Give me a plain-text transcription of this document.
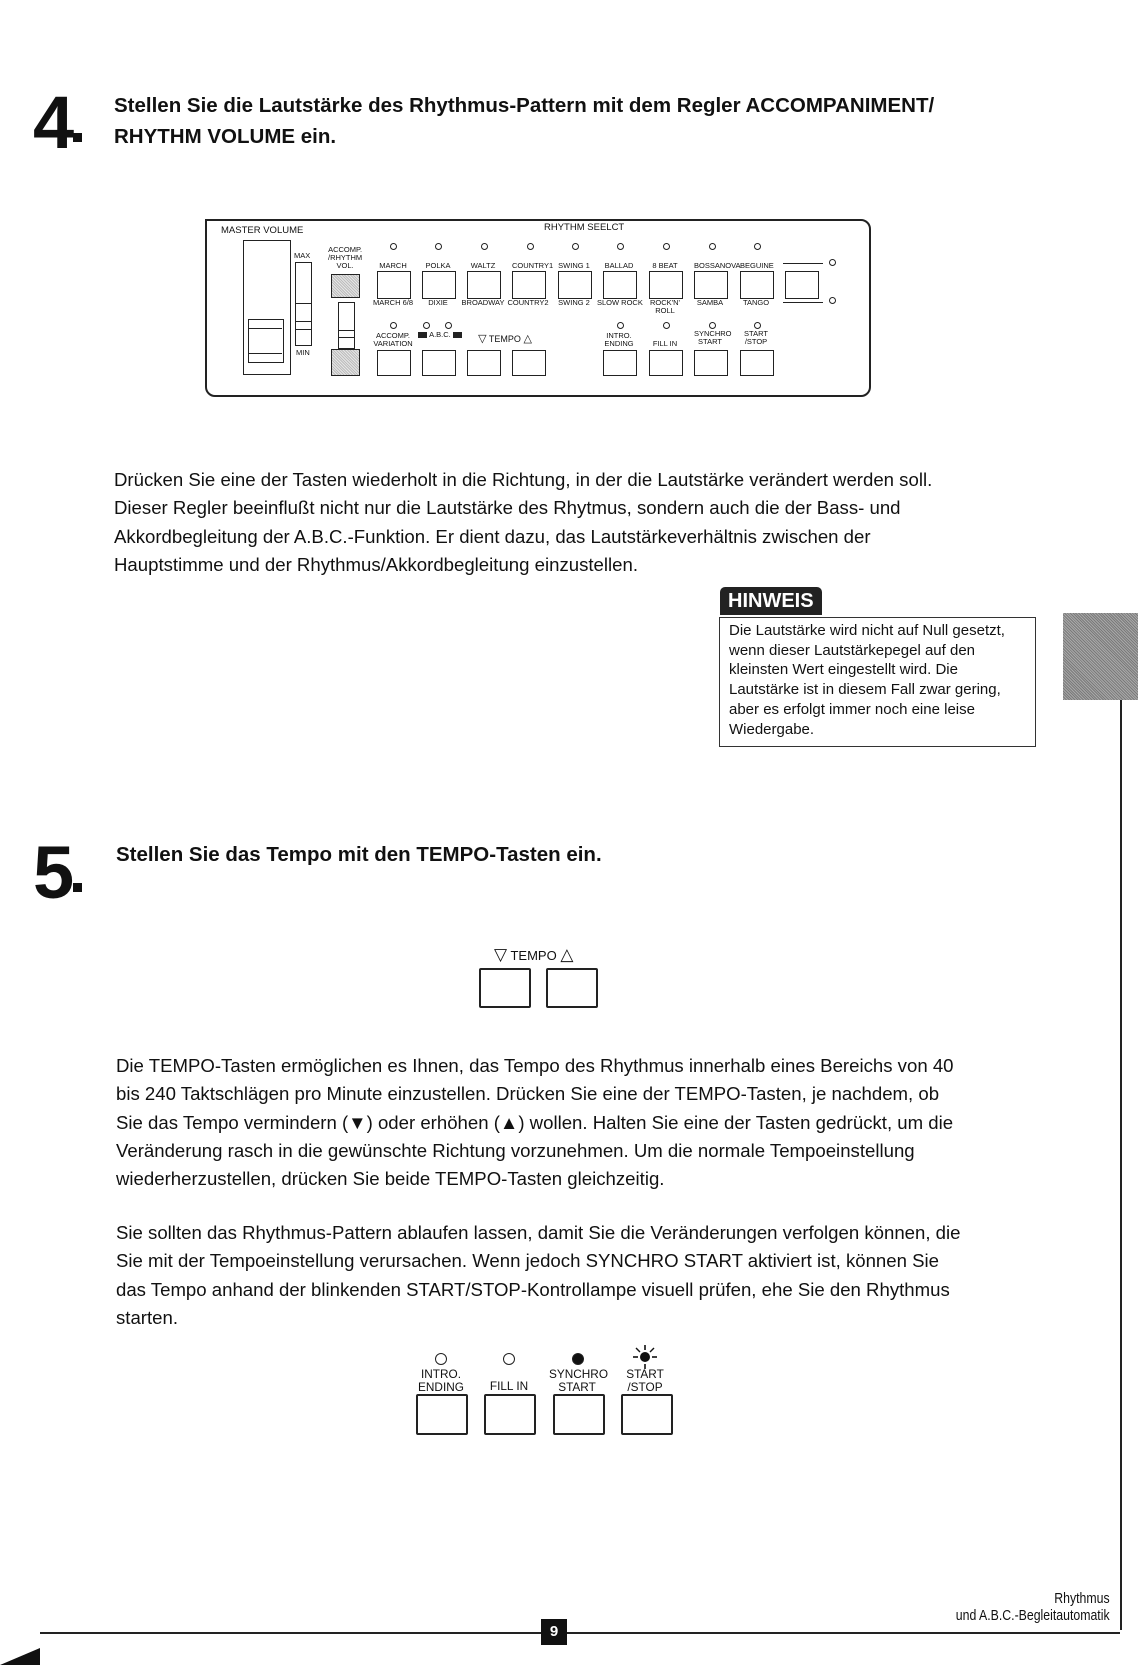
4 Stellen Sie die Lautstärke des Rhythmus-Pattern mit dem Regler ACCOMPANIMENT/
RHYTHM VOLUME ein.
MASTER VOLUME	RHYTHM SEELCT
MAX
MIN
ACCOMP.
/RHYTHM
VOL.	MARCH	POLKA	WALTZ	COUNTRY1 SWING 1 BALLAD	8 BEAT	BOSSANOVA BEGUINE
MARCH 6/8	DIXIE	BROADWAY COUNTRY2	SWING 2 SLOW ROCK ROCK'N'
ROLL
SAMBA	TANGO
ACCOMP.
VARIATION
A.B.C.	▽ TEMPO △	INTRO.
ENDING	FILL IN
SYNCHRO
START
START
/STOP
Drücken Sie eine der Tasten wiederholt in die Richtung, in der die Lautstärke verändert werden soll.
Dieser Regler beeinflußt nicht nur die Lautstärke des Rhytmus, sondern auch die der Bass- und
Akkordbegleitung der A.B.C.-Funktion. Er dient dazu, das Lautstärkeverhältnis zwischen der
Hauptstimme und der Rhythmus/Akkordbegleitung einzustellen.
HINWEIS
Die Lautstärke wird nicht auf Null gesetzt,
wenn dieser Lautstärkepegel auf den
kleinsten Wert eingestellt wird. Die
Lautstärke ist in diesem Fall zwar gering,
aber es erfolgt immer noch eine leise
Wiedergabe.
5 Stellen Sie das Tempo mit den TEMPO-Tasten ein.
▽ TEMPO △
Die TEMPO-Tasten ermöglichen es Ihnen, das Tempo des Rhythmus innerhalb eines Bereichs von 40
bis 240 Taktschlägen pro Minute einzustellen. Drücken Sie eine der TEMPO-Tasten, je nachdem, ob
Sie das Tempo vermindern (▼) oder erhöhen (▲) wollen. Halten Sie eine der Tasten gedrückt, um die
Veränderung rasch in die gewünschte Richtung vorzunehmen. Um die normale Tempoeinstellung
wiederherzustellen, drücken Sie beide TEMPO-Tasten gleichzeitig.
Sie sollten das Rhythmus-Pattern ablaufen lassen, damit Sie die Veränderungen verfolgen können, die
Sie mit der Tempoeinstellung verursachen. Wenn jedoch SYNCHRO START aktiviert ist, können Sie
das Tempo anhand der blinkenden START/STOP-Kontrollampe visuell prüfen, ehe Sie den Rhythmus
starten.
INTRO.
ENDING	FILL IN
SYNCHRO
START
START
/STOP
Rhythmus
und A.B.C.-Begleitautomatik
9
